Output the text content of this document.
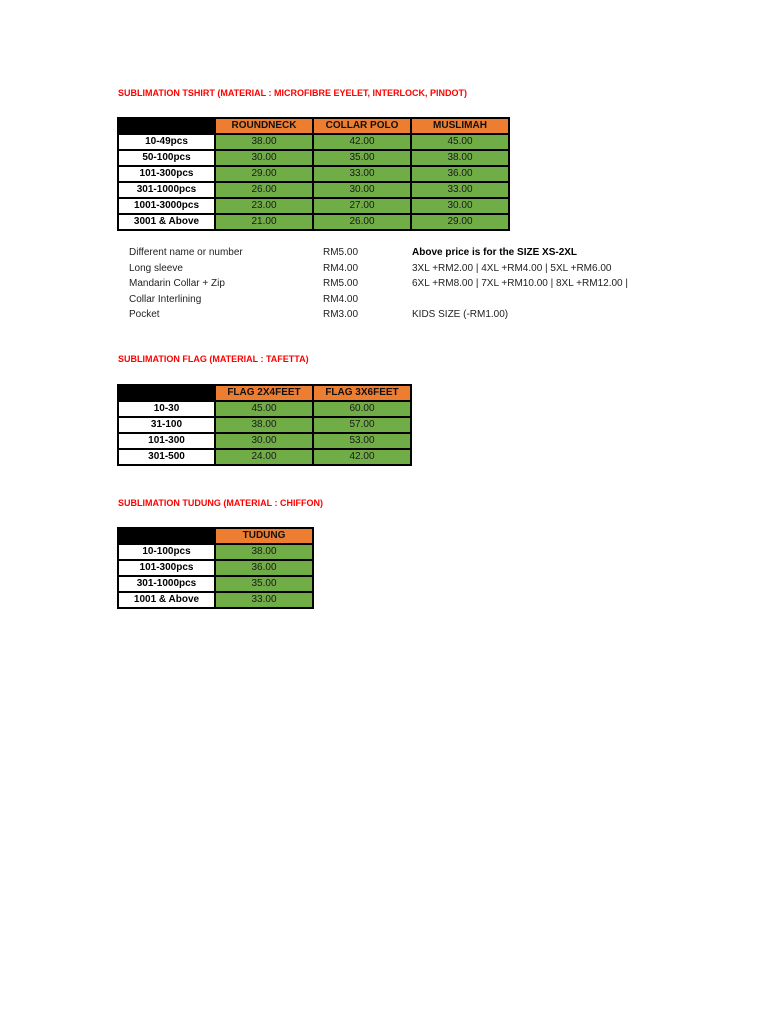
SUBLIMATION TSHIRT (MATERIAL : MICROFIBRE EYELET, INTERLOCK, PINDOT)
	ROUNDNECK	COLLAR POLO	MUSLIMAH
10-49pcs	38.00	42.00	45.00
50-100pcs	30.00	35.00	38.00
101-300pcs	29.00	33.00	36.00
301-1000pcs	26.00	30.00	33.00
1001-3000pcs	23.00	27.00	30.00
3001 & Above	21.00	26.00	29.00
Different name or number	RM5.00	Above price is for the SIZE XS-2XL
Long sleeve	RM4.00	3XL +RM2.00 | 4XL +RM4.00 | 5XL +RM6.00
Mandarin Collar + Zip	RM5.00	6XL +RM8.00 | 7XL +RM10.00 | 8XL +RM12.00 |
Collar Interlining	RM4.00
Pocket	RM3.00	KIDS SIZE (-RM1.00)
SUBLIMATION FLAG (MATERIAL : TAFETTA)
	FLAG 2X4FEET	FLAG 3X6FEET
10-30	45.00	60.00
31-100	38.00	57.00
101-300	30.00	53.00
301-500	24.00	42.00
SUBLIMATION TUDUNG (MATERIAL : CHIFFON)
	TUDUNG
10-100pcs	38.00
101-300pcs	36.00
301-1000pcs	35.00
1001 & Above	33.00
